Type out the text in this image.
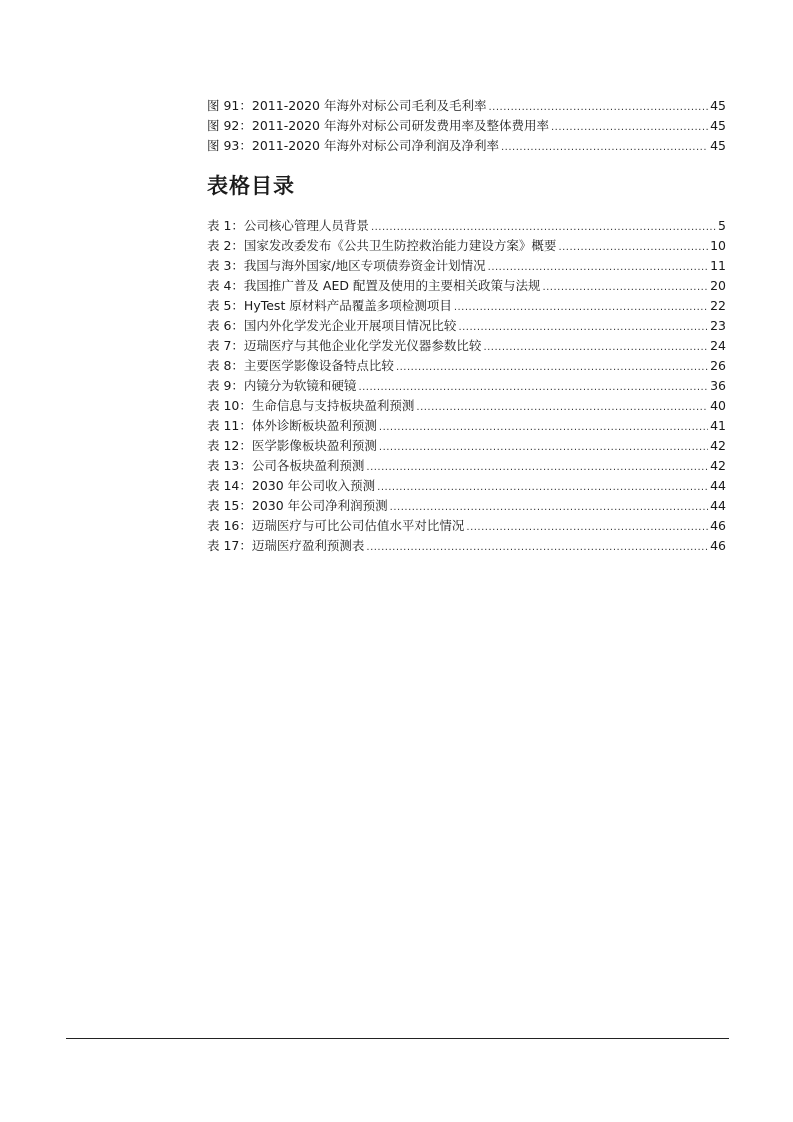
图 91：2011-2020 年海外对标公司毛利及毛利率 .....	45
图 92：2011-2020 年海外对标公司研发费用率及整体费用率 .....	45
图 93：2011-2020 年海外对标公司净利润及净利率 .....	45
表格目录
表 1：公司核心管理人员背景 .....	5
表 2：国家发改委发布《公共卫生防控救治能力建设方案》概要 .....	10
表 3：我国与海外国家/地区专项债券资金计划情况 .....	11
表 4：我国推广普及 AED 配置及使用的主要相关政策与法规 .....	20
表 5：HyTest 原材料产品覆盖多项检测项目 .....	22
表 6：国内外化学发光企业开展项目情况比较 .....	23
表 7：迈瑞医疗与其他企业化学发光仪器参数比较 .....	24
表 8：主要医学影像设备特点比较 .....	26
表 9：内镜分为软镜和硬镜 .....	36
表 10：生命信息与支持板块盈利预测 .....	40
表 11：体外诊断板块盈利预测 .....	41
表 12：医学影像板块盈利预测 .....	42
表 13：公司各板块盈利预测 .....	42
表 14：2030 年公司收入预测 .....	44
表 15：2030 年公司净利润预测 .....	44
表 16：迈瑞医疗与可比公司估值水平对比情况 .....	46
表 17：迈瑞医疗盈利预测表 .....	46
